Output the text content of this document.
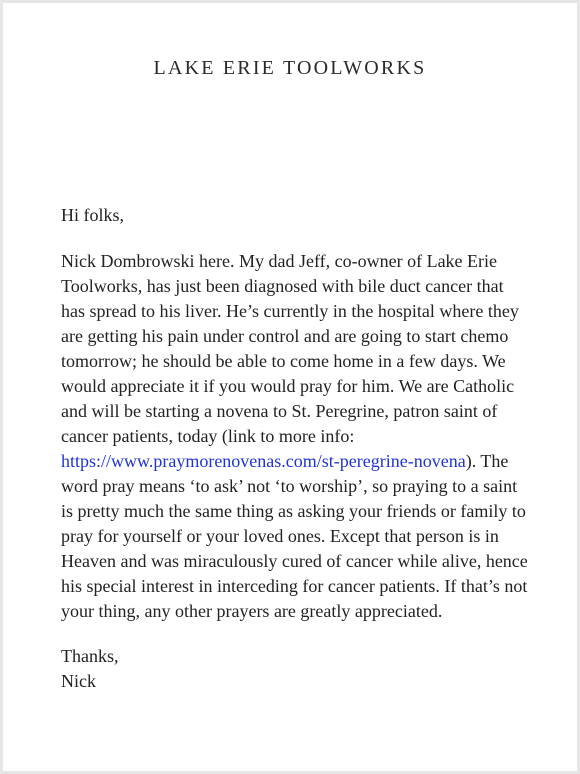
LAKE ERIE TOOLWORKS

Hi folks,

Nick Dombrowski here. My dad Jeff, co-owner of Lake Erie Toolworks, has just been diagnosed with bile duct cancer that has spread to his liver. He’s currently in the hospital where they are getting his pain under control and are going to start chemo tomorrow; he should be able to come home in a few days. We would appreciate it if you would pray for him. We are Catholic and will be starting a novena to St. Peregrine, patron saint of cancer patients, today (link to more info: https://www.praymorenovenas.com/st-peregrine-novena). The word pray means ‘to ask’ not ‘to worship’, so praying to a saint is pretty much the same thing as asking your friends or family to pray for yourself or your loved ones. Except that person is in Heaven and was miraculously cured of cancer while alive, hence his special interest in interceding for cancer patients. If that’s not your thing, any other prayers are greatly appreciated.

Thanks,

Nick
